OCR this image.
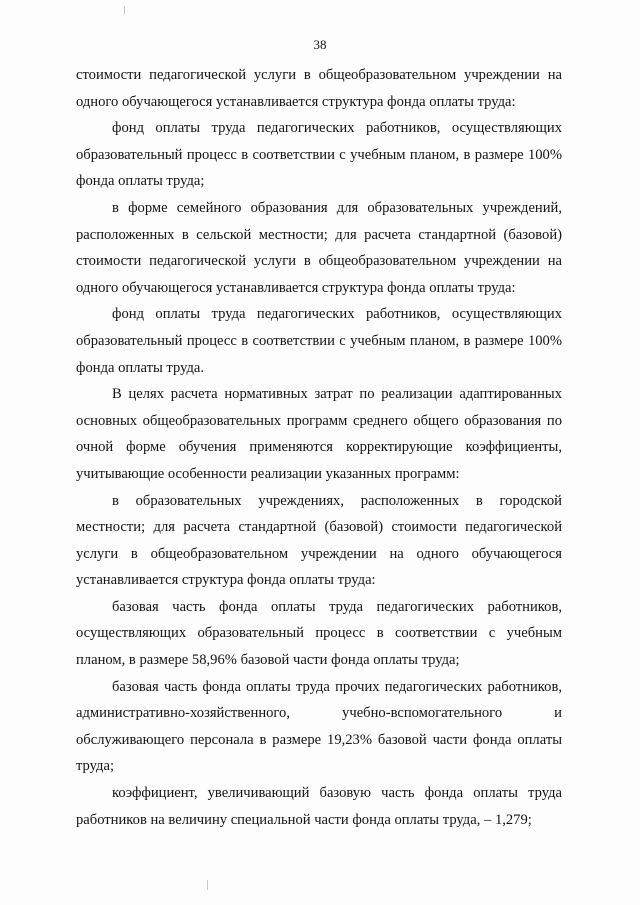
38

стоимости педагогической услуги в общеобразовательном учреждении на одного обучающегося устанавливается структура фонда оплаты труда:

фонд оплаты труда педагогических работников, осуществляющих образовательный процесс в соответствии с учебным планом, в размере 100% фонда оплаты труда;

в форме семейного образования для образовательных учреждений, расположенных в сельской местности; для расчета стандартной (базовой) стоимости педагогической услуги в общеобразовательном учреждении на одного обучающегося устанавливается структура фонда оплаты труда:

фонд оплаты труда педагогических работников, осуществляющих образовательный процесс в соответствии с учебным планом, в размере 100% фонда оплаты труда.

В целях расчета нормативных затрат по реализации адаптированных основных общеобразовательных программ среднего общего образования по очной форме обучения применяются корректирующие коэффициенты, учитывающие особенности реализации указанных программ:

в образовательных учреждениях, расположенных в городской местности; для расчета стандартной (базовой) стоимости педагогической услуги в общеобразовательном учреждении на одного обучающегося устанавливается структура фонда оплаты труда:

базовая часть фонда оплаты труда педагогических работников, осуществляющих образовательный процесс в соответствии с учебным планом, в размере 58,96% базовой части фонда оплаты труда;

базовая часть фонда оплаты труда прочих педагогических работников, административно-хозяйственного, учебно-вспомогательного и обслуживающего персонала в размере 19,23% базовой части фонда оплаты труда;

коэффициент, увеличивающий базовую часть фонда оплаты труда работников на величину специальной части фонда оплаты труда, – 1,279;
